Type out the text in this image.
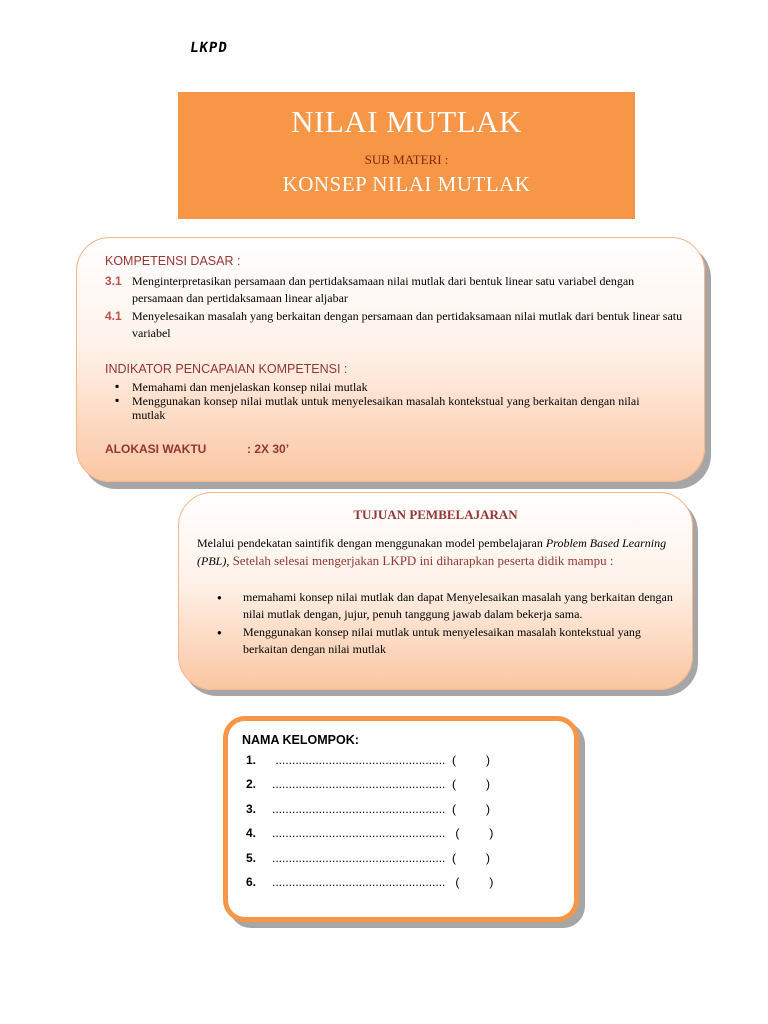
LKPD
NILAI MUTLAK
SUB MATERI :
KONSEP NILAI MUTLAK
KOMPETENSI DASAR :
3.1 Menginterpretasikan persamaan dan pertidaksamaan nilai mutlak dari bentuk linear satu variabel dengan persamaan dan pertidaksamaan linear aljabar
4.1 Menyelesaikan masalah yang berkaitan dengan persamaan dan pertidaksamaan nilai mutlak dari bentuk linear satu variabel
INDIKATOR PENCAPAIAN KOMPETENSI :
▪ Memahami dan menjelaskan konsep nilai mutlak
▪ Menggunakan konsep nilai mutlak untuk menyelesaikan masalah kontekstual yang berkaitan dengan nilai mutlak
ALOKASI WAKTU	: 2X 30’
TUJUAN PEMBELAJARAN
Melalui pendekatan saintifik dengan menggunakan model pembelajaran Problem Based Learning (PBL), Setelah selesai mengerjakan LKPD ini diharapkan peserta didik mampu :
● memahami konsep nilai mutlak dan dapat Menyelesaikan masalah yang berkaitan dengan nilai mutlak dengan, jujur, penuh tanggung jawab dalam bekerja sama.
● Menggunakan konsep nilai mutlak untuk menyelesaikan masalah kontekstual yang berkaitan dengan nilai mutlak
NAMA KELOMPOK:
1. ...................................................  (         )
2. ....................................................  (         )
3. ....................................................  (         )
4. ....................................................   (         )
5. ....................................................  (         )
6. ....................................................   (         )
